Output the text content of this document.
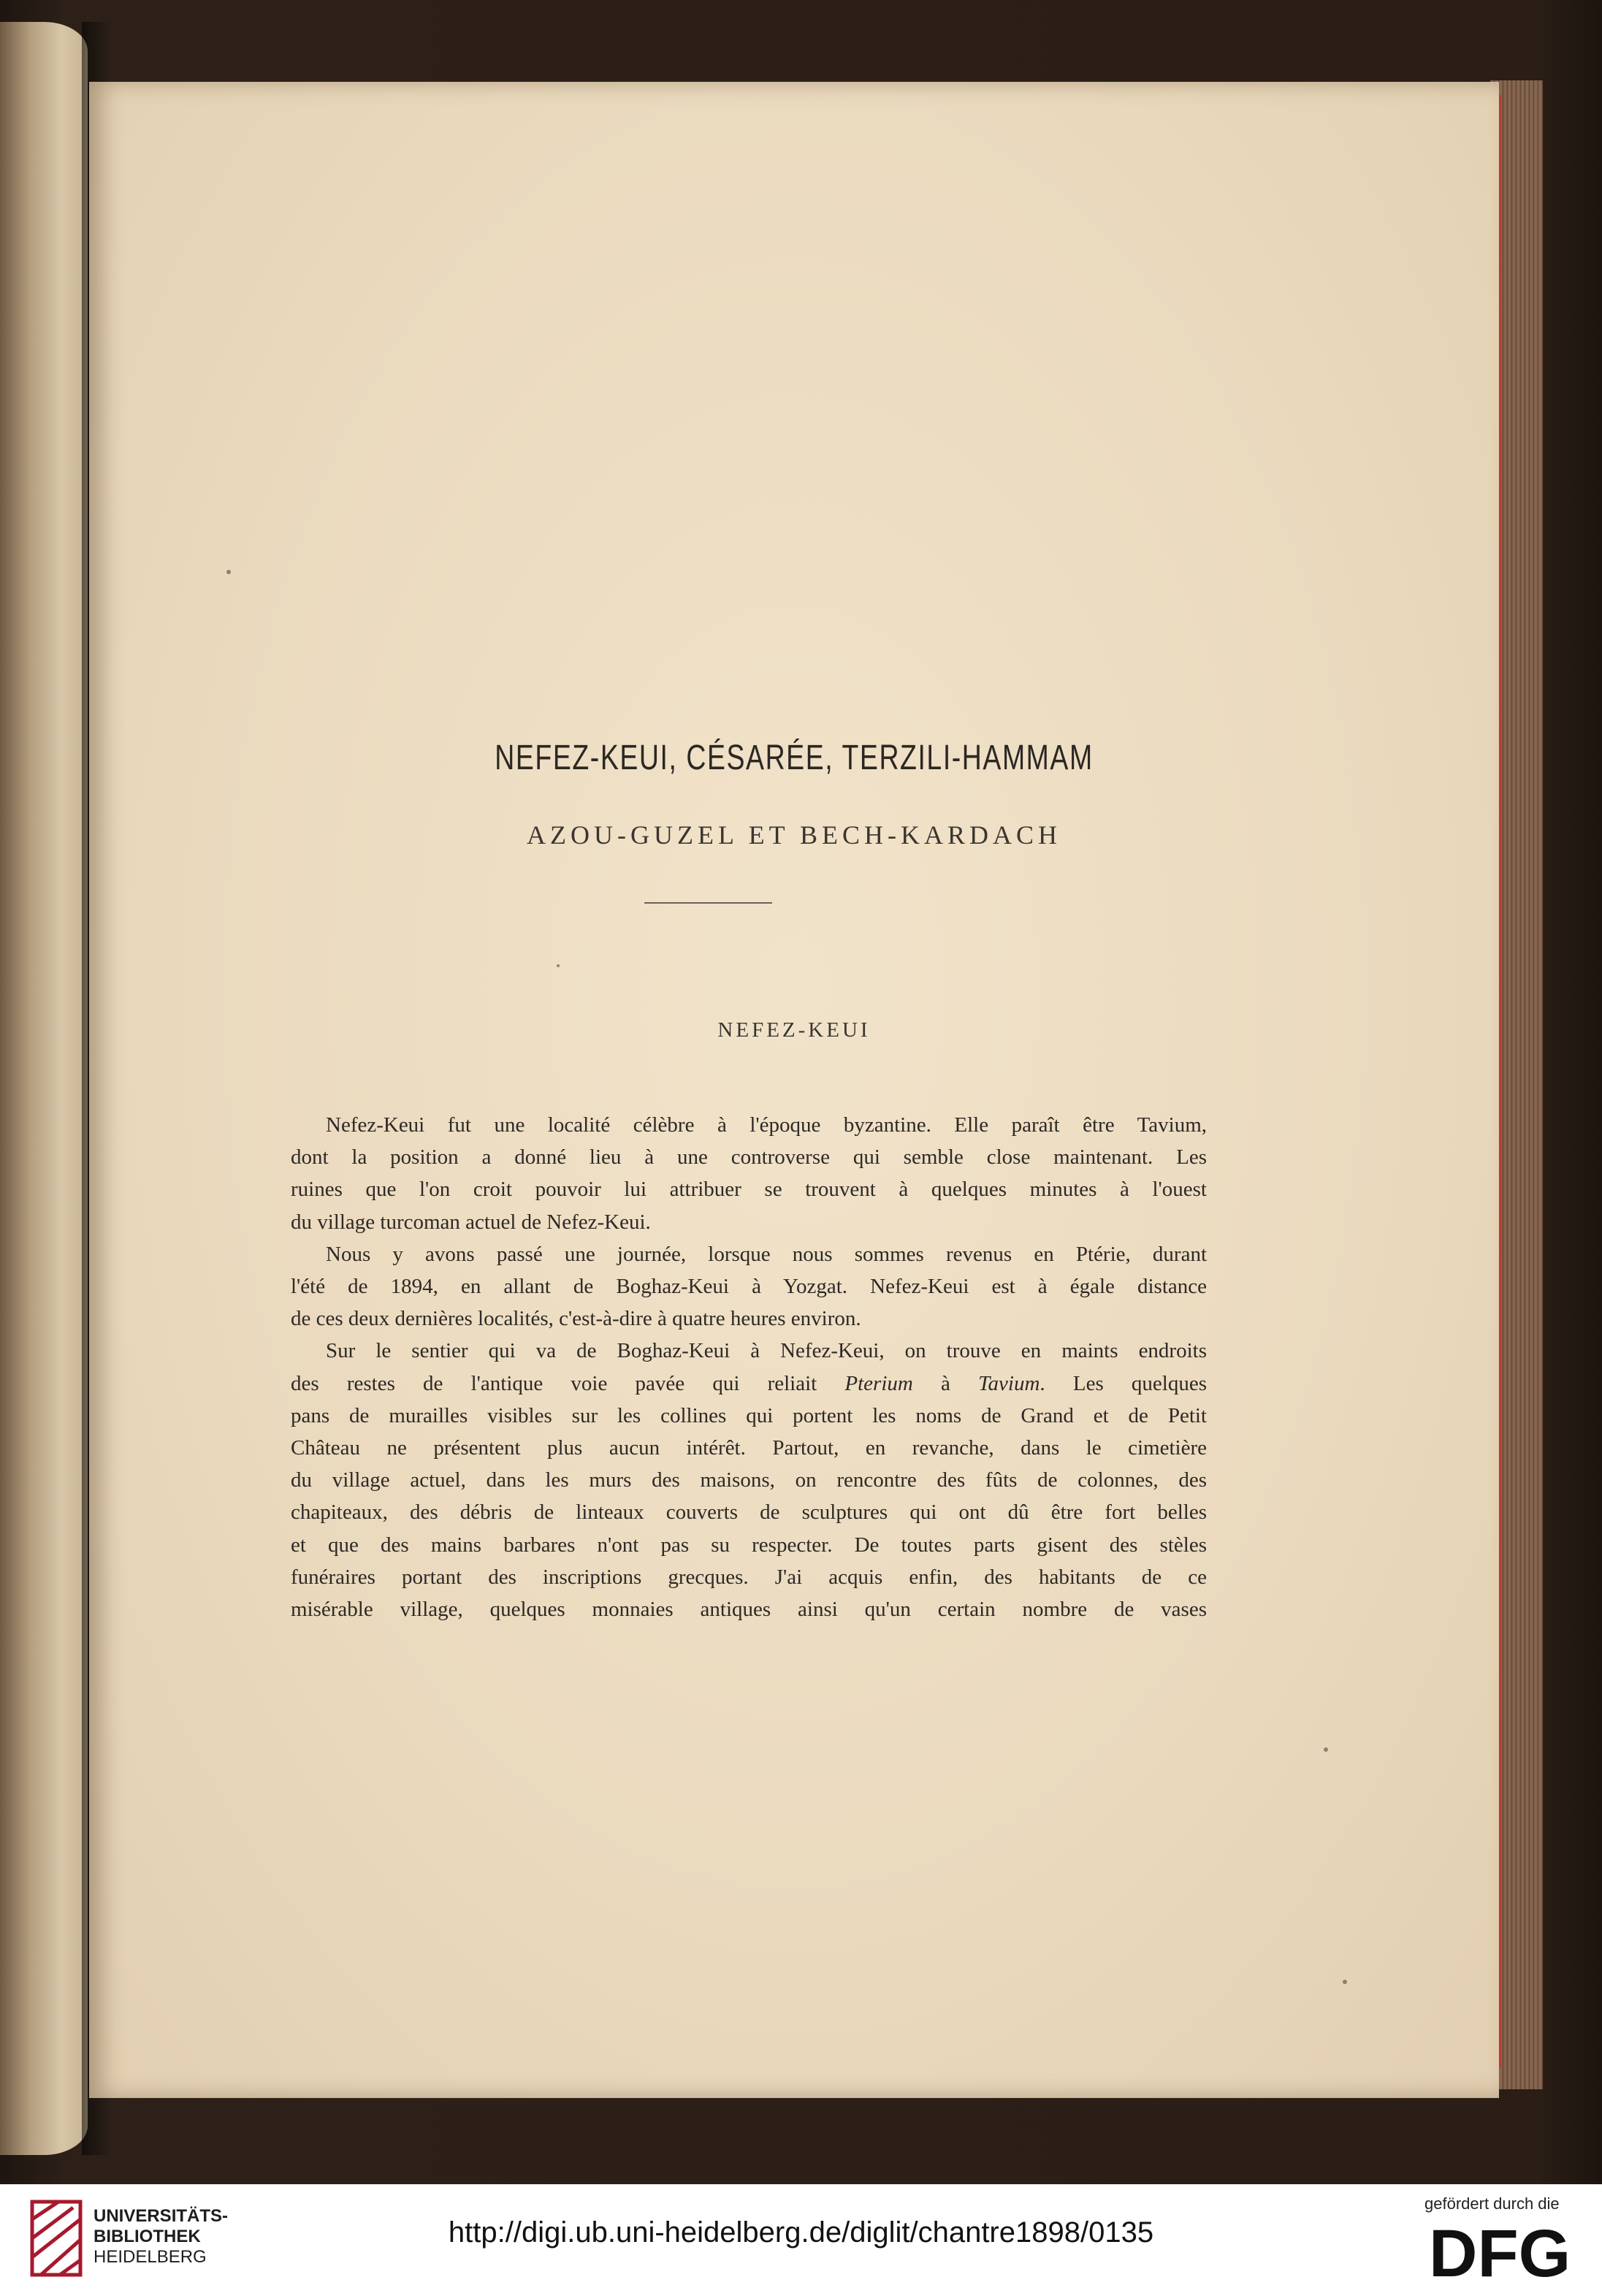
NEFEZ-KEUI, CÉSARÉE, TERZILI-HAMMAM
AZOU-GUZEL ET BECH-KARDACH
NEFEZ-KEUI
Nefez-Keui fut une localité célèbre à l'époque byzantine. Elle paraît être Tavium,
dont la position a donné lieu à une controverse qui semble close maintenant. Les
ruines que l'on croit pouvoir lui attribuer se trouvent à quelques minutes à l'ouest
du village turcoman actuel de Nefez-Keui.
Nous y avons passé une journée, lorsque nous sommes revenus en Ptérie, durant
l'été de 1894, en allant de Boghaz-Keui à Yozgat. Nefez-Keui est à égale distance
de ces deux dernières localités, c'est-à-dire à quatre heures environ.
Sur le sentier qui va de Boghaz-Keui à Nefez-Keui, on trouve en maints endroits
des restes de l'antique voie pavée qui reliait Pterium à Tavium. Les quelques
pans de murailles visibles sur les collines qui portent les noms de Grand et de Petit
Château ne présentent plus aucun intérêt. Partout, en revanche, dans le cimetière
du village actuel, dans les murs des maisons, on rencontre des fûts de colonnes, des
chapiteaux, des débris de linteaux couverts de sculptures qui ont dû être fort belles
et que des mains barbares n'ont pas su respecter. De toutes parts gisent des stèles
funéraires portant des inscriptions grecques. J'ai acquis enfin, des habitants de ce
misérable village, quelques monnaies antiques ainsi qu'un certain nombre de vases
UNIVERSITÄTS-
BIBLIOTHEK
HEIDELBERG
http://digi.ub.uni-heidelberg.de/diglit/chantre1898/0135
gefördert durch die
DFG
